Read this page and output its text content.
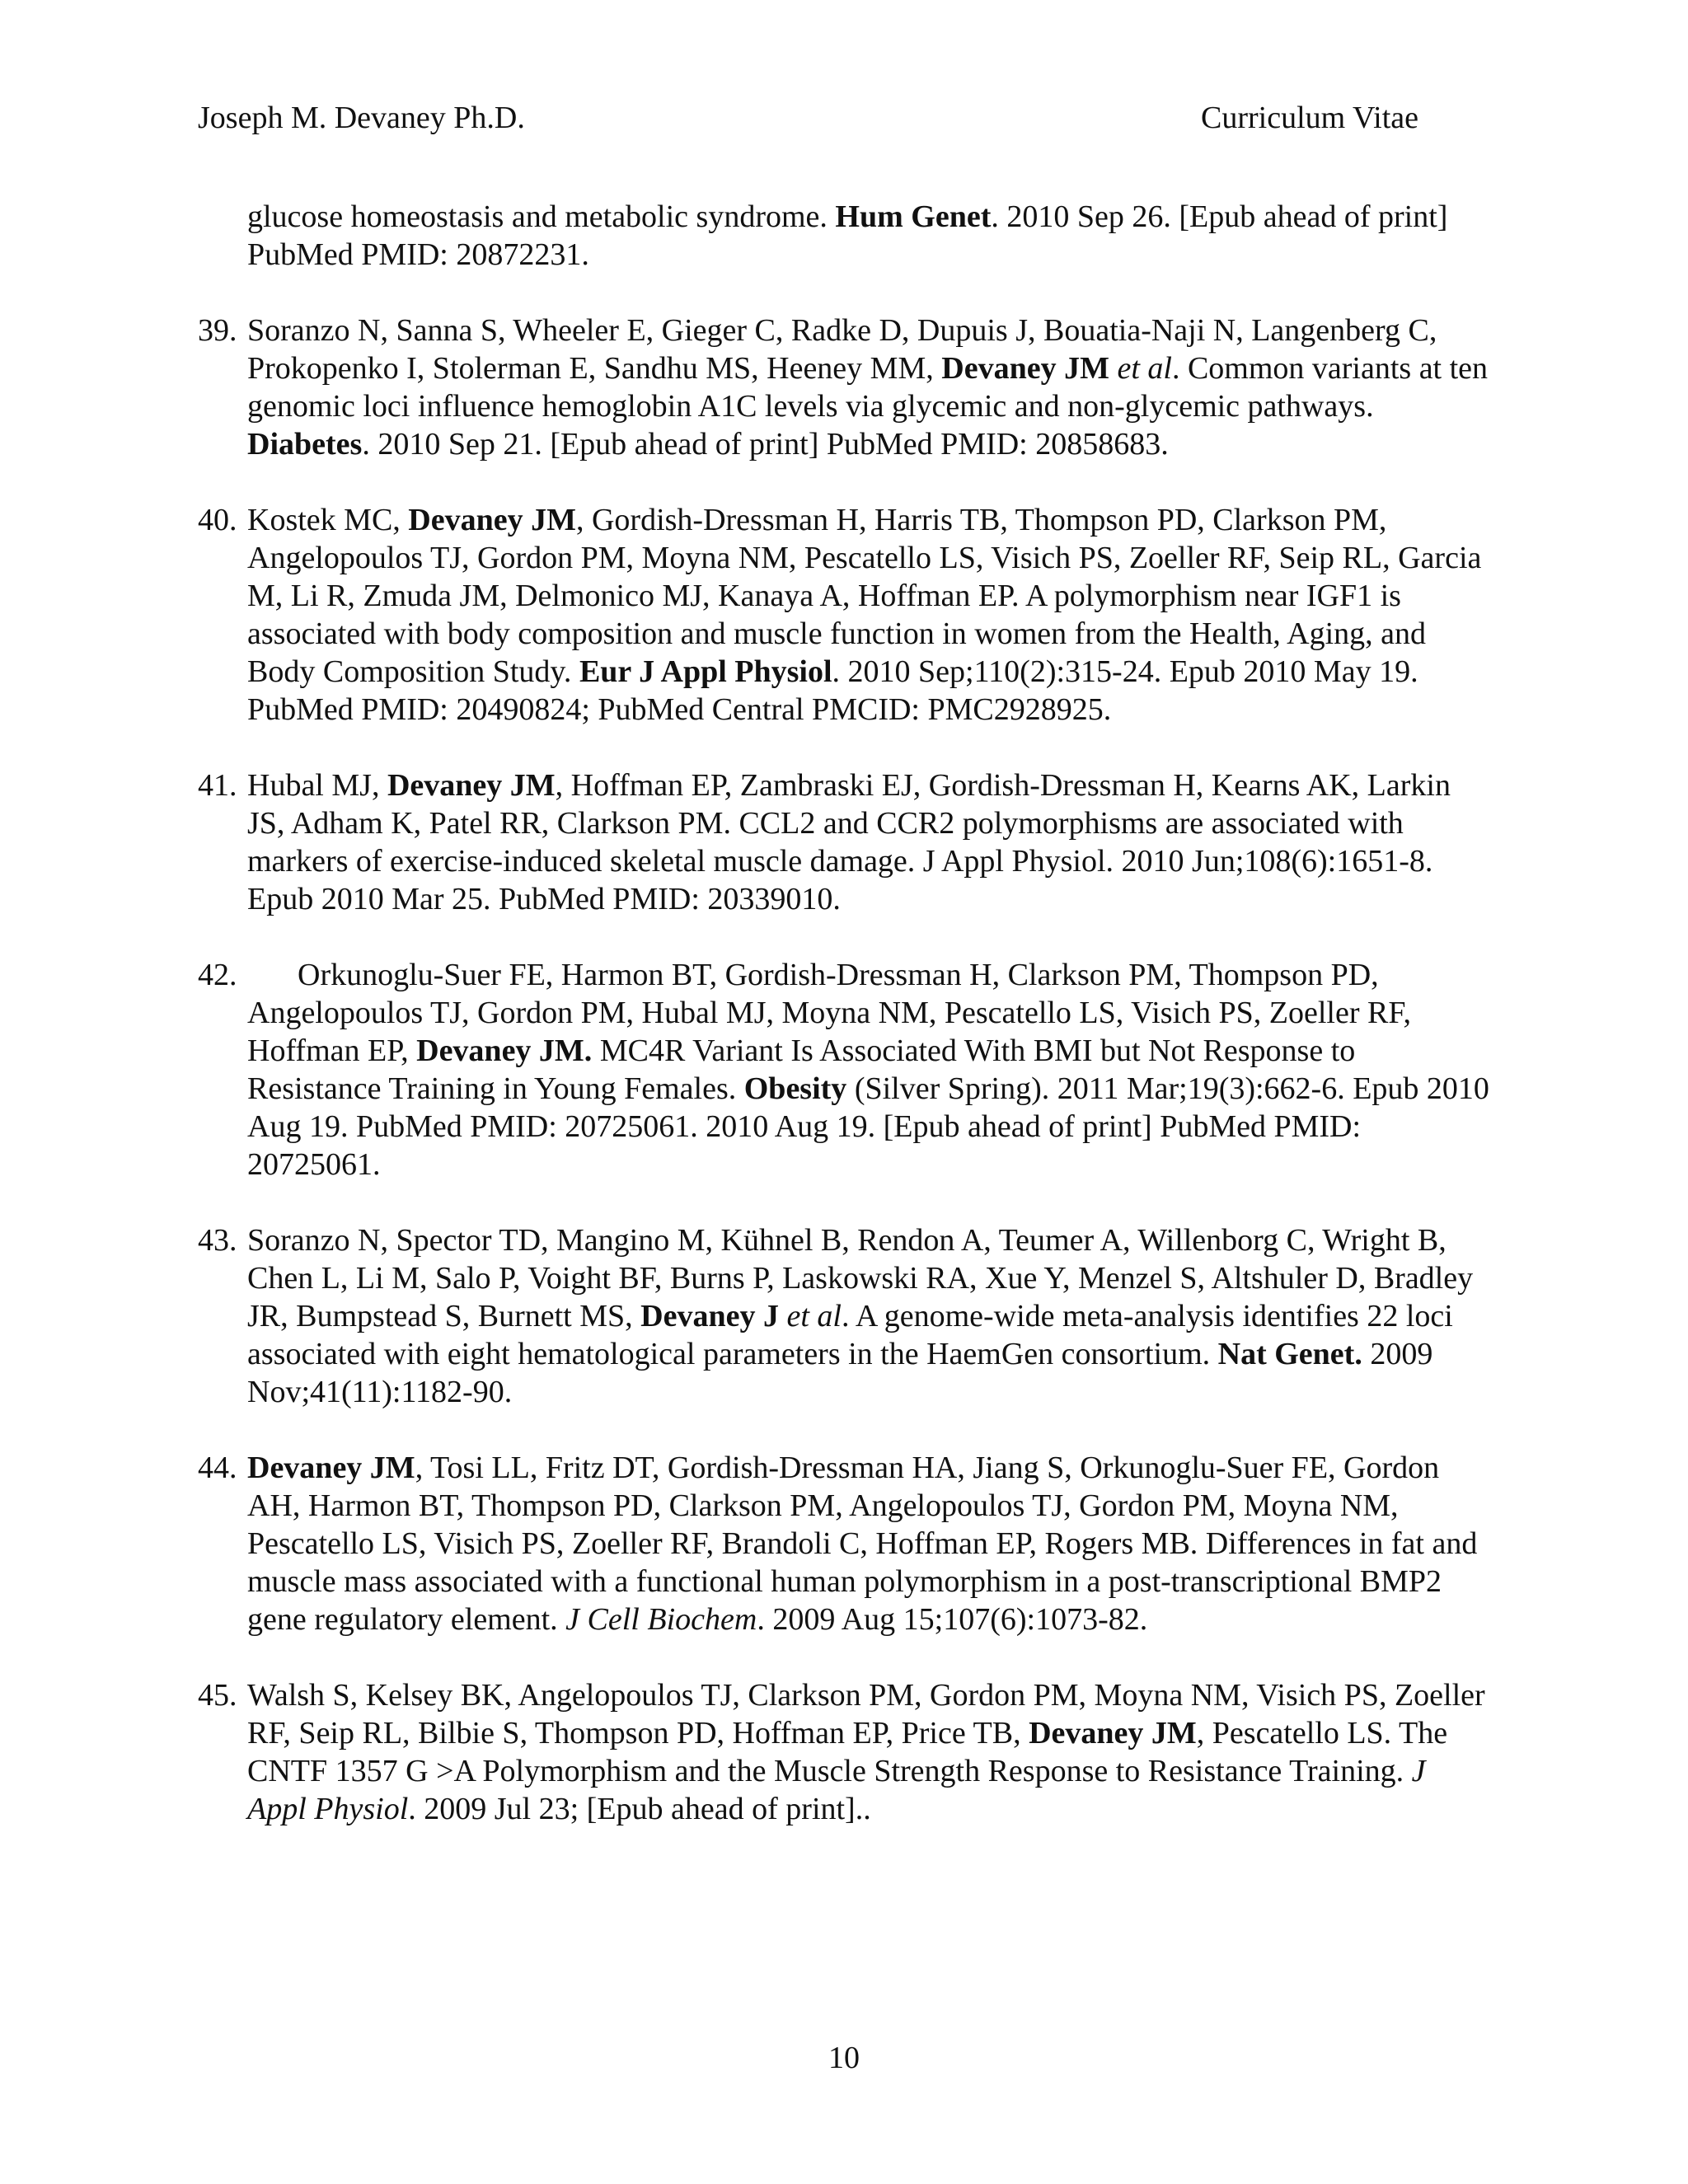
Joseph M. Devaney Ph.D.	Curriculum Vitae
glucose homeostasis and metabolic syndrome. Hum Genet. 2010 Sep 26. [Epub ahead of print] PubMed PMID: 20872231.
39. Soranzo N, Sanna S, Wheeler E, Gieger C, Radke D, Dupuis J, Bouatia-Naji N, Langenberg C, Prokopenko I, Stolerman E, Sandhu MS, Heeney MM, Devaney JM et al. Common variants at ten genomic loci influence hemoglobin A1C levels via glycemic and non-glycemic pathways. Diabetes. 2010 Sep 21. [Epub ahead of print] PubMed PMID: 20858683.
40. Kostek MC, Devaney JM, Gordish-Dressman H, Harris TB, Thompson PD, Clarkson PM, Angelopoulos TJ, Gordon PM, Moyna NM, Pescatello LS, Visich PS, Zoeller RF, Seip RL, Garcia M, Li R, Zmuda JM, Delmonico MJ, Kanaya A, Hoffman EP. A polymorphism near IGF1 is associated with body composition and muscle function in women from the Health, Aging, and Body Composition Study. Eur J Appl Physiol. 2010 Sep;110(2):315-24. Epub 2010 May 19. PubMed PMID: 20490824; PubMed Central PMCID: PMC2928925.
41. Hubal MJ, Devaney JM, Hoffman EP, Zambraski EJ, Gordish-Dressman H, Kearns AK, Larkin JS, Adham K, Patel RR, Clarkson PM. CCL2 and CCR2 polymorphisms are associated with markers of exercise-induced skeletal muscle damage. J Appl Physiol. 2010 Jun;108(6):1651-8. Epub 2010 Mar 25. PubMed PMID: 20339010.
42.	Orkunoglu-Suer FE, Harmon BT, Gordish-Dressman H, Clarkson PM, Thompson PD, Angelopoulos TJ, Gordon PM, Hubal MJ, Moyna NM, Pescatello LS, Visich PS, Zoeller RF, Hoffman EP, Devaney JM. MC4R Variant Is Associated With BMI but Not Response to Resistance Training in Young Females. Obesity (Silver Spring). 2011 Mar;19(3):662-6. Epub 2010 Aug 19. PubMed PMID: 20725061. 2010 Aug 19. [Epub ahead of print] PubMed PMID: 20725061.
43. Soranzo N, Spector TD, Mangino M, Kühnel B, Rendon A, Teumer A, Willenborg C, Wright B, Chen L, Li M, Salo P, Voight BF, Burns P, Laskowski RA, Xue Y, Menzel S, Altshuler D, Bradley JR, Bumpstead S, Burnett MS, Devaney J et al. A genome-wide meta-analysis identifies 22 loci associated with eight hematological parameters in the HaemGen consortium. Nat Genet. 2009 Nov;41(11):1182-90.
44. Devaney JM, Tosi LL, Fritz DT, Gordish-Dressman HA, Jiang S, Orkunoglu-Suer FE, Gordon AH, Harmon BT, Thompson PD, Clarkson PM, Angelopoulos TJ, Gordon PM, Moyna NM, Pescatello LS, Visich PS, Zoeller RF, Brandoli C, Hoffman EP, Rogers MB. Differences in fat and muscle mass associated with a functional human polymorphism in a post-transcriptional BMP2 gene regulatory element. J Cell Biochem. 2009 Aug 15;107(6):1073-82.
45. Walsh S, Kelsey BK, Angelopoulos TJ, Clarkson PM, Gordon PM, Moyna NM, Visich PS, Zoeller RF, Seip RL, Bilbie S, Thompson PD, Hoffman EP, Price TB, Devaney JM, Pescatello LS. The CNTF 1357 G >A Polymorphism and the Muscle Strength Response to Resistance Training. J Appl Physiol. 2009 Jul 23; [Epub ahead of print]..
10
